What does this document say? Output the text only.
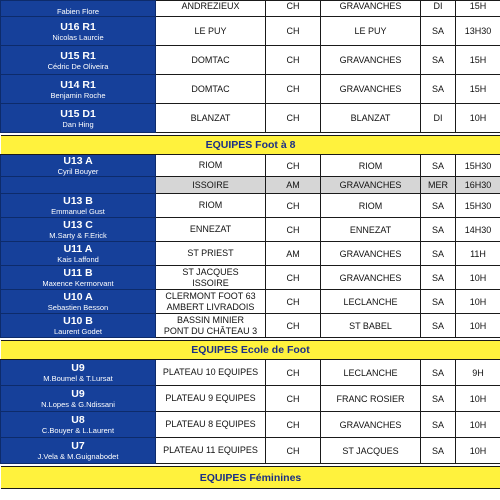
Fabien Flore	ANDREZIEUX	CH	GRAVANCHES	DI	15H

U16 R1
Nicolas Laurcie	LE PUY	CH	LE PUY	SA	13H30

U15 R1
Cédric De Oliveira	DOMTAC	CH	GRAVANCHES	SA	15H

U14 R1
Benjamin Roche	DOMTAC	CH	GRAVANCHES	SA	15H

U15 D1
Dan Hing	BLANZAT	CH	BLANZAT	DI	10H

EQUIPES Foot à 8					

U13 A
Cyril Bouyer	RIOM	CH	RIOM	SA	15H30

	ISSOIRE	AM	GRAVANCHES	MER	16H30

U13 B
Emmanuel Gust	RIOM	CH	RIOM	SA	15H30

U13 C
M.Sarty & F.Erick	ENNEZAT	CH	ENNEZAT	SA	14H30

U11 A
Kais Laffond	ST PRIEST	AM	GRAVANCHES	SA	11H

U11 B
Maxence Kermorvant	ST JACQUES
ISSOIRE	CH	GRAVANCHES	SA	10H

U10 A
Sebastien Besson	CLERMONT FOOT 63
AMBERT LIVRADOIS	CH	LECLANCHE	SA	10H

U10 B
Laurent Godet	BASSIN MINIER
PONT DU CHÂTEAU 3	CH	ST BABEL	SA	10H

EQUIPES Ecole de Foot					

U9
M.Boumel & T.Lursat	PLATEAU 10 EQUIPES	CH	LECLANCHE	SA	9H

U9
N.Lopes & G.Ndissani	PLATEAU 9 EQUIPES	CH	FRANC ROSIER	SA	10H

U8
C.Bouyer & L.Laurent	PLATEAU 8 EQUIPES	CH	GRAVANCHES	SA	10H

U7
J.Vela & M.Guignabodet	PLATEAU 11 EQUIPES	CH	ST JACQUES	SA	10H

EQUIPES Féminines					
